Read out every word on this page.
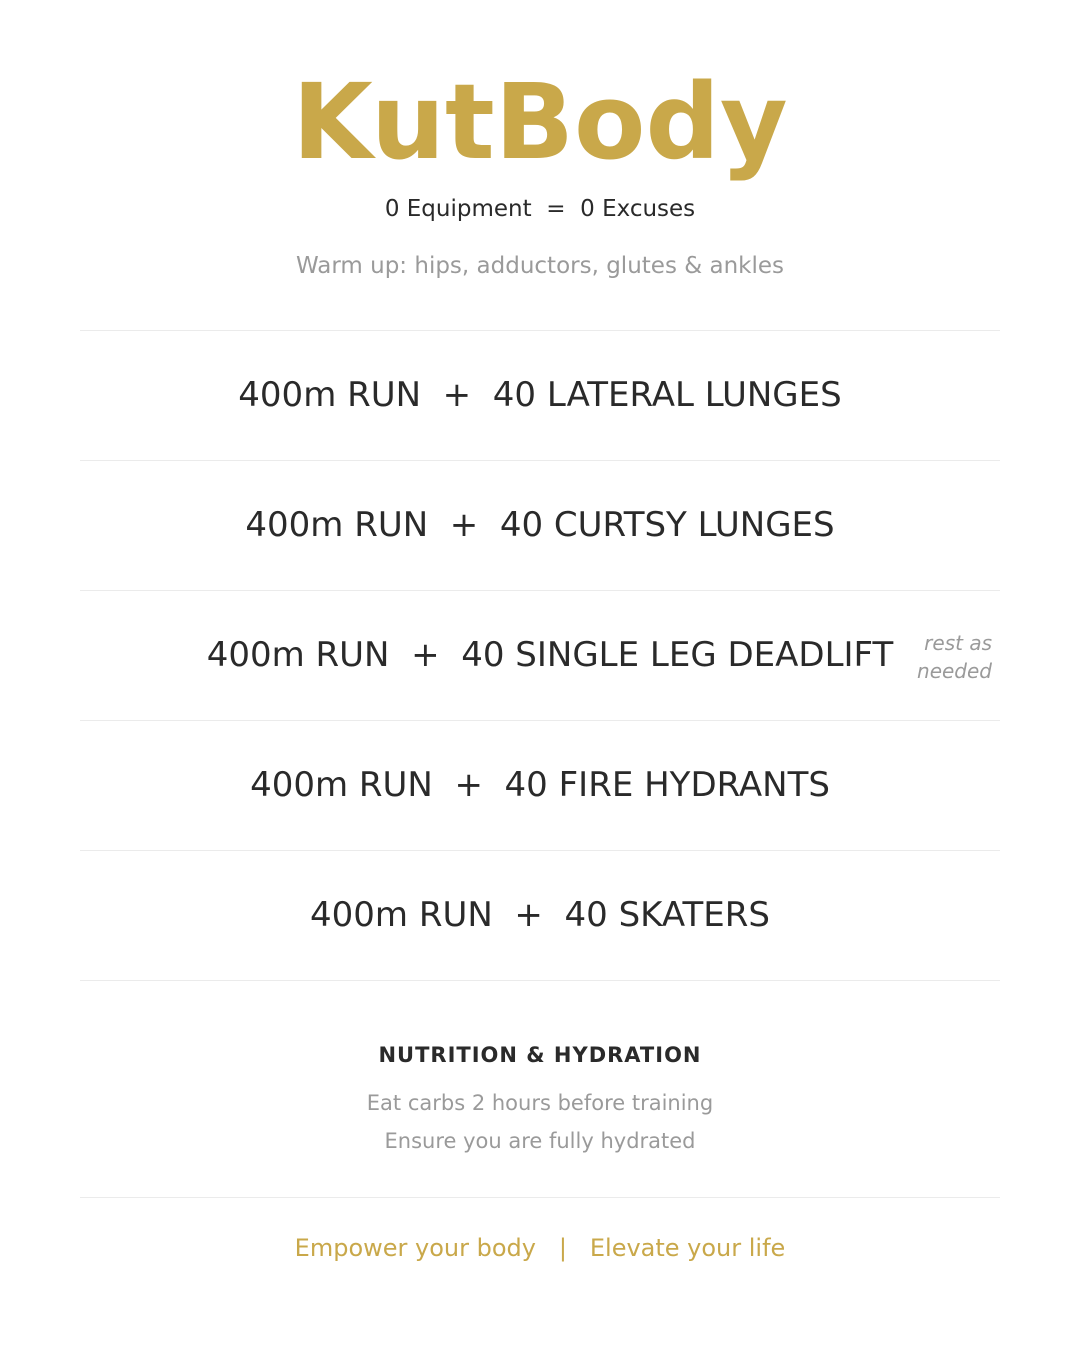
KutBody
0 Equipment  =  0 Excuses
Warm up: hips, adductors, glutes & ankles
400m RUN  +  40 LATERAL LUNGES
400m RUN  +  40 CURTSY LUNGES
400m RUN  +  40 SINGLE LEG DEADLIFT	rest as
needed
400m RUN  +  40 FIRE HYDRANTS
400m RUN  +  40 SKATERS
NUTRITION & HYDRATION
Eat carbs 2 hours before training
Ensure you are fully hydrated
Empower your body | Elevate your life
